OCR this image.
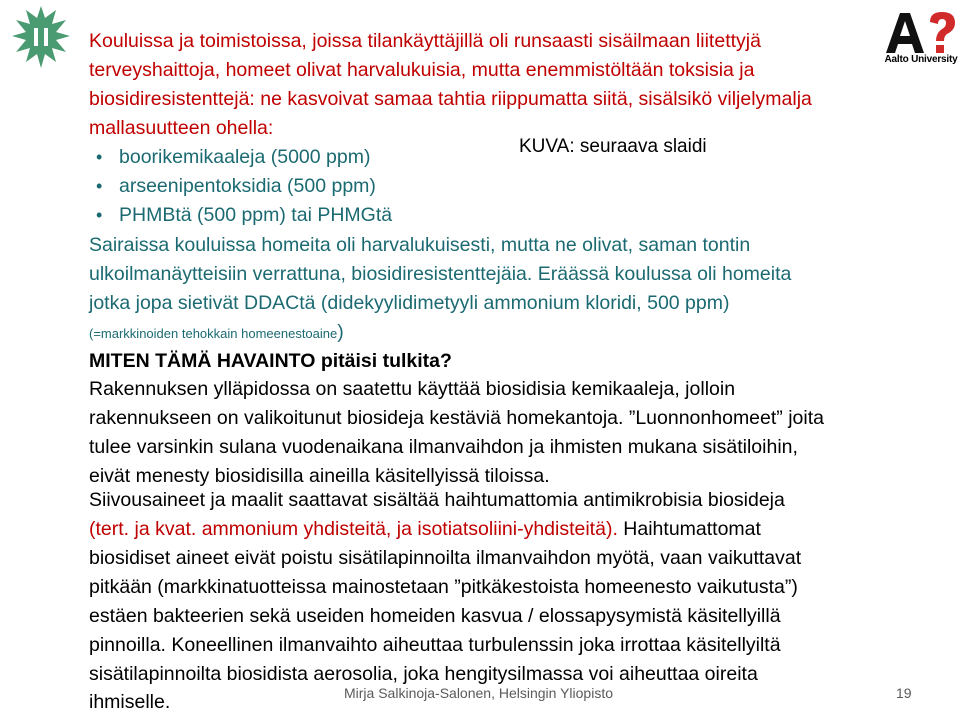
Aalto University
Kouluissa ja toimistoissa, joissa tilankäyttäjillä oli runsaasti sisäilmaan liitettyjä
terveyshaittoja, homeet olivat harvalukuisia, mutta enemmistöltään toksisia ja
biosidiresistenttejä: ne kasvoivat samaa tahtia riippumatta siitä, sisälsikö viljelymalja
mallasuutteen ohella:
• boorikemikaaleja (5000 ppm)	KUVA: seuraava slaidi
• arseenipentoksidia (500 ppm)
• PHMBtä (500 ppm) tai PHMGtä
Sairaissa kouluissa homeita oli harvalukuisesti, mutta ne olivat, saman tontin
ulkoilmanäytteisiin verrattuna, biosidiresistenttejäia. Eräässä koulussa oli homeita
jotka jopa sietivät DDACtä (didekyylidimetyyli ammonium kloridi, 500 ppm)
(=markkinoiden tehokkain homeenestoaine)
MITEN TÄMÄ HAVAINTO pitäisi tulkita?
Rakennuksen ylläpidossa on saatettu käyttää biosidisia kemikaaleja, jolloin
rakennukseen on valikoitunut biosideja kestäviä homekantoja. ”Luonnonhomeet” joita
tulee varsinkin sulana vuodenaikana ilmanvaihdon ja ihmisten mukana sisätiloihin,
eivät menesty biosidisilla aineilla käsitellyissä tiloissa.
Siivousaineet ja maalit saattavat sisältää haihtumattomia antimikrobisia biosideja
(tert. ja kvat. ammonium yhdisteitä, ja isotiatsoliini-yhdisteitä). Haihtumattomat
biosidiset aineet eivät poistu sisätilapinnoilta ilmanvaihdon myötä, vaan vaikuttavat
pitkään (markkinatuotteissa mainostetaan ”pitkäkestoista homeenesto vaikutusta”)
estäen bakteerien sekä useiden homeiden kasvua / elossapysymistä käsitellyillä
pinnoilla. Koneellinen ilmanvaihto aiheuttaa turbulenssin joka irrottaa käsitellyiltä
sisätilapinnoilta biosidista aerosolia, joka hengitysilmassa voi aiheuttaa oireita
ihmiselle.	Mirja Salkinoja-Salonen, Helsingin Yliopisto	19
